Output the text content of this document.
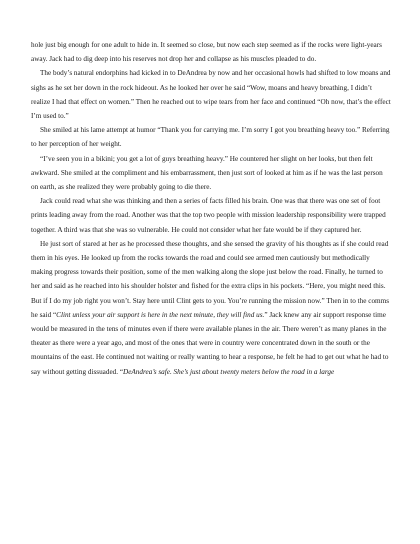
hole just big enough for one adult to hide in. It seemed so close, but now each step seemed as if the rocks were light-years away. Jack had to dig deep into his reserves not drop her and collapse as his muscles pleaded to do.

The body’s natural endorphins had kicked in to DeAndrea by now and her occasional howls had shifted to low moans and sighs as he set her down in the rock hideout. As he looked her over he said “Wow, moans and heavy breathing, I didn’t realize I had that effect on women.” Then he reached out to wipe tears from her face and continued “Oh now, that’s the effect I’m used to.”

She smiled at his lame attempt at humor “Thank you for carrying me. I’m sorry I got you breathing heavy too.” Referring to her perception of her weight.

“I’ve seen you in a bikini; you get a lot of guys breathing heavy.” He countered her slight on her looks, but then felt awkward. She smiled at the compliment and his embarrassment, then just sort of looked at him as if he was the last person on earth, as she realized they were probably going to die there.

Jack could read what she was thinking and then a series of facts filled his brain. One was that there was one set of foot prints leading away from the road. Another was that the top two people with mission leadership responsibility were trapped together. A third was that she was so vulnerable. He could not consider what her fate would be if they captured her.

He just sort of stared at her as he processed these thoughts, and she sensed the gravity of his thoughts as if she could read them in his eyes. He looked up from the rocks towards the road and could see armed men cautiously but methodically making progress towards their position, some of the men walking along the slope just below the road. Finally, he turned to her and said as he reached into his shoulder holster and fished for the extra clips in his pockets. “Here, you might need this. But if I do my job right you won’t. Stay here until Clint gets to you. You’re running the mission now.” Then in to the comms he said “Clint unless your air support is here in the next minute, they will find us.” Jack knew any air support response time would be measured in the tens of minutes even if there were available planes in the air. There weren’t as many planes in the theater as there were a year ago, and most of the ones that were in country were concentrated down in the south or the mountains of the east. He continued not waiting or really wanting to hear a response, he felt he had to get out what he had to say without getting dissuaded. “DeAndrea’s safe. She’s just about twenty meters below the road in a large
